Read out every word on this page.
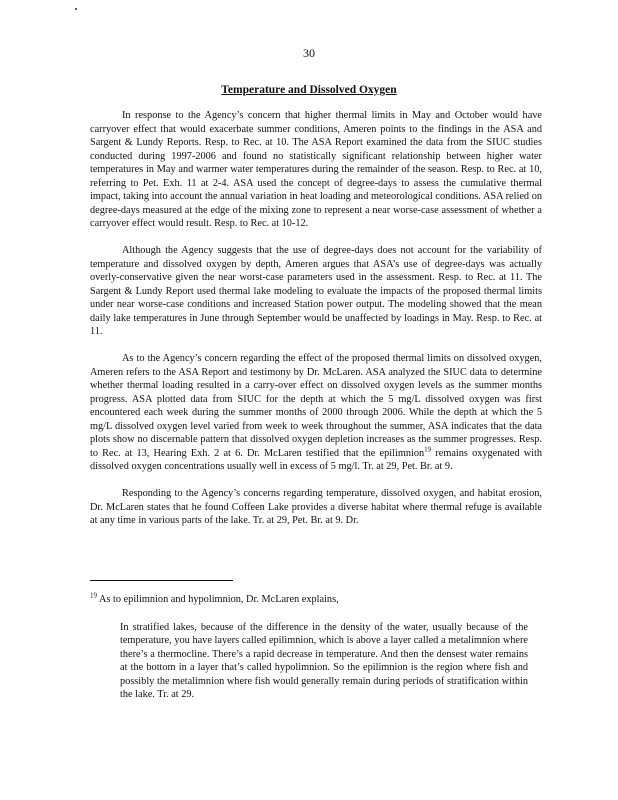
30
Temperature and Dissolved Oxygen

In response to the Agency’s concern that higher thermal limits in May and October would have carryover effect that would exacerbate summer conditions, Ameren points to the findings in the ASA and Sargent & Lundy Reports. Resp. to Rec. at 10. The ASA Report examined the data from the SIUC studies conducted during 1997-2006 and found no statistically significant relationship between higher water temperatures in May and warmer water temperatures during the remainder of the season. Resp. to Rec. at 10, referring to Pet. Exh. 11 at 2-4. ASA used the concept of degree-days to assess the cumulative thermal impact, taking into account the annual variation in heat loading and meteorological conditions. ASA relied on degree-days measured at the edge of the mixing zone to represent a near worse-case assessment of whether a carryover effect would result. Resp. to Rec. at 10-12.

Although the Agency suggests that the use of degree-days does not account for the variability of temperature and dissolved oxygen by depth, Ameren argues that ASA’s use of degree-days was actually overly-conservative given the near worst-case parameters used in the assessment. Resp. to Rec. at 11. The Sargent & Lundy Report used thermal lake modeling to evaluate the impacts of the proposed thermal limits under near worse-case conditions and increased Station power output. The modeling showed that the mean daily lake temperatures in June through September would be unaffected by loadings in May. Resp. to Rec. at 11.

As to the Agency’s concern regarding the effect of the proposed thermal limits on dissolved oxygen, Ameren refers to the ASA Report and testimony by Dr. McLaren. ASA analyzed the SIUC data to determine whether thermal loading resulted in a carry-over effect on dissolved oxygen levels as the summer months progress. ASA plotted data from SIUC for the depth at which the 5 mg/L dissolved oxygen was first encountered each week during the summer months of 2000 through 2006. While the depth at which the 5 mg/L dissolved oxygen level varied from week to week throughout the summer, ASA indicates that the data plots show no discernable pattern that dissolved oxygen depletion increases as the summer progresses. Resp. to Rec. at 13, Hearing Exh. 2 at 6. Dr. McLaren testified that the epilimnion$^{19}$ remains oxygenated with dissolved oxygen concentrations usually well in excess of 5 mg/l. Tr. at 29, Pet. Br. at 9.

Responding to the Agency’s concerns regarding temperature, dissolved oxygen, and habitat erosion, Dr. McLaren states that he found Coffeen Lake provides a diverse habitat where thermal refuge is available at any time in various parts of the lake. Tr. at 29, Pet. Br. at 9. Dr.

$^{19}$ As to epilimnion and hypolimnion, Dr. McLaren explains,

In stratified lakes, because of the difference in the density of the water, usually because of the temperature, you have layers called epilimnion, which is above a layer called a metalimnion where there’s a thermocline. There’s a rapid decrease in temperature. And then the densest water remains at the bottom in a layer that’s called hypolimnion. So the epilimnion is the region where fish and possibly the metalimnion where fish would generally remain during periods of stratification within the lake. Tr. at 29.
